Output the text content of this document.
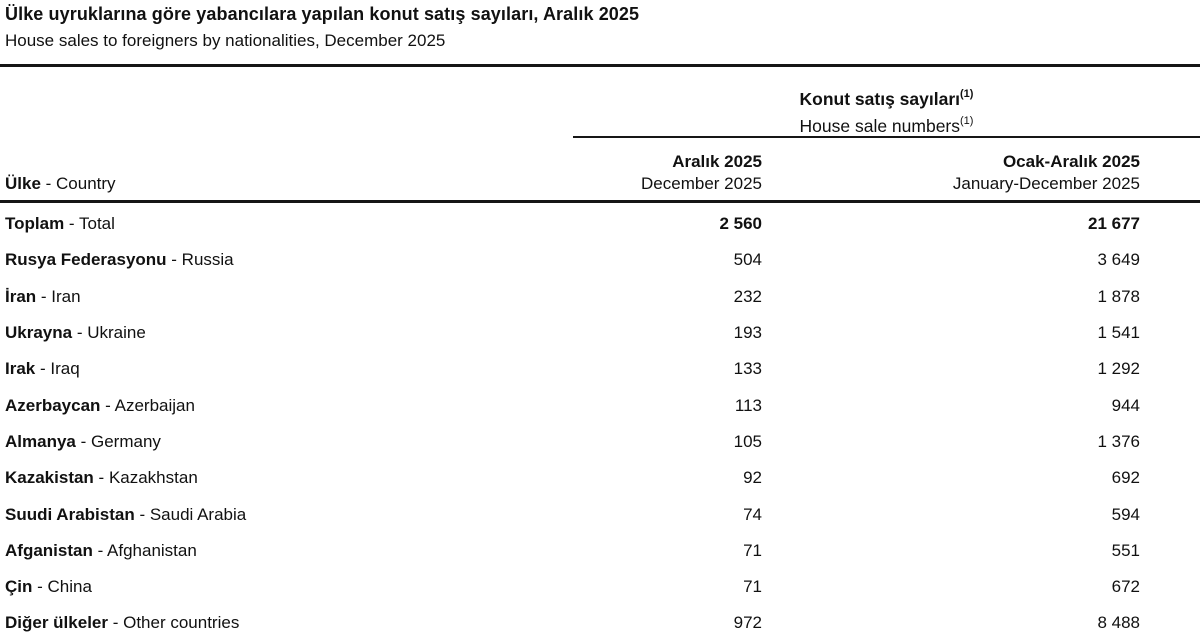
Ülke uyruklarına göre yabancılara yapılan konut satış sayıları, Aralık 2025
House sales to foreigners by nationalities, December 2025
Konut satış sayıları$^{(1)}$
House sale numbers$^{(1)}$
Ülke - Country
Aralık 2025
December 2025
Ocak-Aralık 2025
January-December 2025
Toplam - Total	2 560	21 677
Rusya Federasyonu - Russia	504	3 649
İran - Iran	232	1 878
Ukrayna - Ukraine	193	1 541
Irak - Iraq	133	1 292
Azerbaycan - Azerbaijan	113	944
Almanya - Germany	105	1 376
Kazakistan - Kazakhstan	92	692
Suudi Arabistan - Saudi Arabia	74	594
Afganistan - Afghanistan	71	551
Çin - China	71	672
Diğer ülkeler - Other countries	972	8 488
